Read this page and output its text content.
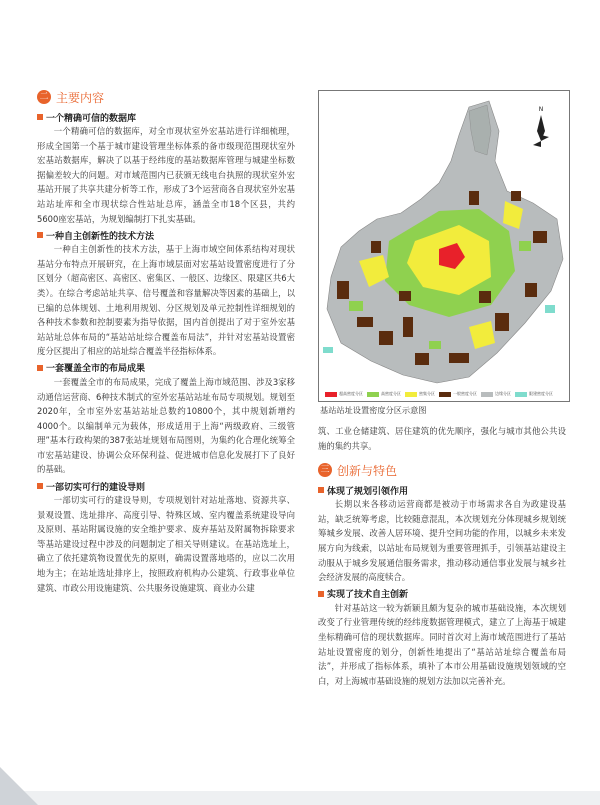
二 主要内容
一个精确可信的数据库

一个精确可信的数据库，对全市现状室外宏基站进行详细梳理，形成全国第一个基于城市建设管理坐标体系的备市级现范围现状室外宏基站数据库，解决了以基于经纬度的基站数据库管理与城建坐标数据偏差较大的问题。对市域范围内已获颁无线电台执照的现状室外宏基站开展了共享共建分析等工作，形成了3个运营商各自现状室外宏基站站址库和全市现状综合性站址总库，涵盖全市18个区县，共约5600座宏基站，为规划编制打下扎实基础。

一种自主创新性的技术方法

一种自主创新性的技术方法，基于上海市域空间体系结构对现状基站分布特点开展研究，在上海市域层面对宏基站设置密度进行了分区划分（超高密区、高密区、密集区、一般区、边缘区、限建区共6大类）。在综合考虑站址共享、信号覆盖和容量解决等因素的基础上，以已编的总体规划、土地利用规划、分区规划及单元控制性详细规划的各种技术参数和控制要素为指导依据，国内首创提出了对于室外宏基站站址总体布局的“基站站址综合覆盖布局法”，并针对宏基站设置密度分区提出了相应的站址综合覆盖半径指标体系。

一套覆盖全市的布局成果

一套覆盖全市的布局成果，完成了覆盖上海市域范围、涉及3家移动通信运营商、6种技术制式的室外宏基站站址布局专项规划。规划至2020年，全市室外宏基站站址总数约10800个，其中规划新增约4000个。以编制单元为载体，形成适用于上海“两级政府、三级管理”基本行政构架的387张站址规划布局图则，为集约化合理化统筹全市宏基站建设、协调公众环保利益、促进城市信息化发展打下了良好的基础。

一部切实可行的建设导则

一部切实可行的建设导则，专项规划针对站址落地、资源共享、景观设置、选址排序、高度引导、特殊区域、室内覆盖系统建设导向及原则、基站附属设施的安全维护要求、废弃基站及附属物拆除要求等基站建设过程中涉及的问题制定了相关导则建议。在基站选址上，确立了依托建筑物设置优先的原则，确需设置落地塔的，应以二次用地为主；在站址选址排序上，按照政府机构办公建筑、行政事业单位建筑、市政公用设施建筑、公共服务设施建筑、商业办公建

N
超高密度分区	高密度分区	密集分区	一般密度分区	边缘分区	限建密度分区
基站站址设置密度分区示意图

筑、工业仓储建筑、居住建筑的优先顺序，强化与城市其他公共设施的集约共享。

三 创新与特色
体现了规划引领作用

长期以来各移动运营商都是被动于市场需求各自为政建设基站，缺乏统筹考虑，比较随意混乱，本次规划充分体现城乡规划统筹城乡发展、改善人居环境、提升空间功能的作用，以城乡未来发展方向为线索，以站址布局规划为重要管理抓手，引领基站建设主动服从于城乡发展通信服务需求，推动移动通信事业发展与城乡社会经济发展的高度犊合。

实现了技术自主创新

针对基站这一较为新颖且颇为复杂的城市基础设施，本次规划改变了行业管理传统的经纬度数据管理模式，建立了上海基于城建坐标精确可信的现状数据库。同时首次对上海市域范围进行了基站站址设置密度的划分，创新性地提出了“基站站址综合覆盖布局法”，并形成了指标体系，填补了本市公用基础设施规划领域的空白，对上海城市基础设施的规划方法加以完善补充。
